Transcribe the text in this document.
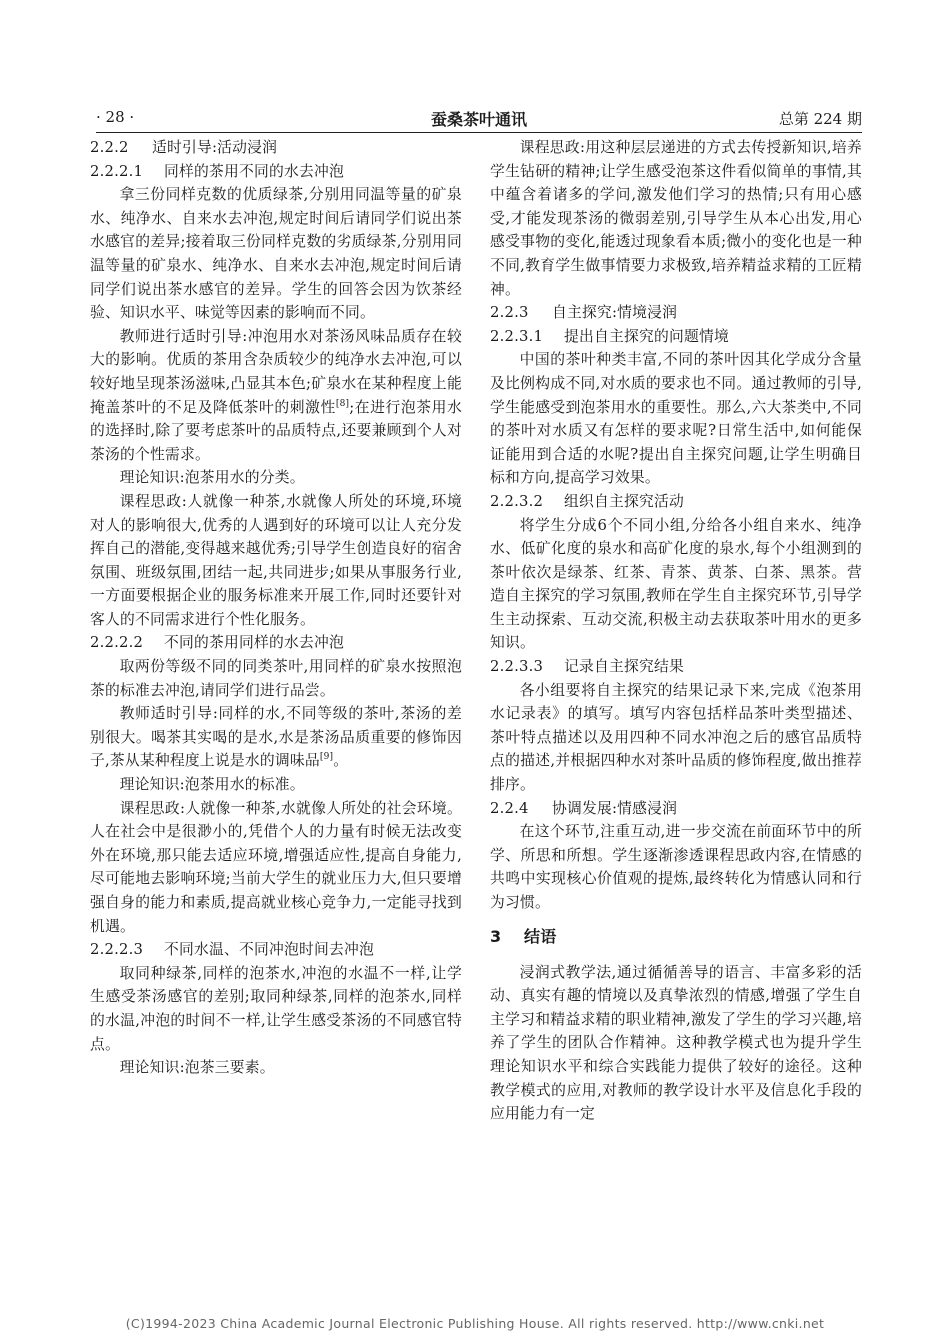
· 28 ·	蚕桑茶叶通讯	总第 224 期
2.2.2 适时引导:活动浸润
2.2.2.1 同样的茶用不同的水去冲泡

拿三份同样克数的优质绿茶,分别用同温等量的矿泉水、纯净水、自来水去冲泡,规定时间后请同学们说出茶水感官的差异;接着取三份同样克数的劣质绿茶,分别用同温等量的矿泉水、纯净水、自来水去冲泡,规定时间后请同学们说出茶水感官的差异。学生的回答会因为饮茶经验、知识水平、味觉等因素的影响而不同。

教师进行适时引导:冲泡用水对茶汤风味品质存在较大的影响。优质的茶用含杂质较少的纯净水去冲泡,可以较好地呈现茶汤滋味,凸显其本色;矿泉水在某种程度上能掩盖茶叶的不足及降低茶叶的刺激性[8];在进行泡茶用水的选择时,除了要考虑茶叶的品质特点,还要兼顾到个人对茶汤的个性需求。

理论知识:泡茶用水的分类。

课程思政:人就像一种茶,水就像人所处的环境,环境对人的影响很大,优秀的人遇到好的环境可以让人充分发挥自己的潜能,变得越来越优秀;引导学生创造良好的宿舍氛围、班级氛围,团结一起,共同进步;如果从事服务行业,一方面要根据企业的服务标准来开展工作,同时还要针对客人的不同需求进行个性化服务。

2.2.2.2 不同的茶用同样的水去冲泡

取两份等级不同的同类茶叶,用同样的矿泉水按照泡茶的标准去冲泡,请同学们进行品尝。

教师适时引导:同样的水,不同等级的茶叶,茶汤的差别很大。喝茶其实喝的是水,水是茶汤品质重要的修饰因子,茶从某种程度上说是水的调味品[9]。

理论知识:泡茶用水的标准。

课程思政:人就像一种茶,水就像人所处的社会环境。人在社会中是很渺小的,凭借个人的力量有时候无法改变外在环境,那只能去适应环境,增强适应性,提高自身能力,尽可能地去影响环境;当前大学生的就业压力大,但只要增强自身的能力和素质,提高就业核心竞争力,一定能寻找到机遇。

2.2.2.3 不同水温、不同冲泡时间去冲泡

取同种绿茶,同样的泡茶水,冲泡的水温不一样,让学生感受茶汤感官的差别;取同种绿茶,同样的泡茶水,同样的水温,冲泡的时间不一样,让学生感受茶汤的不同感官特点。

理论知识:泡茶三要素。

课程思政:用这种层层递进的方式去传授新知识,培养学生钻研的精神;让学生感受泡茶这件看似简单的事情,其中蕴含着诸多的学问,激发他们学习的热情;只有用心感受,才能发现茶汤的微弱差别,引导学生从本心出发,用心感受事物的变化,能透过现象看本质;微小的变化也是一种不同,教育学生做事情要力求极致,培养精益求精的工匠精神。

2.2.3 自主探究:情境浸润
2.2.3.1 提出自主探究的问题情境

中国的茶叶种类丰富,不同的茶叶因其化学成分含量及比例构成不同,对水质的要求也不同。通过教师的引导,学生能感受到泡茶用水的重要性。那么,六大茶类中,不同的茶叶对水质又有怎样的要求呢?日常生活中,如何能保证能用到合适的水呢?提出自主探究问题,让学生明确目标和方向,提高学习效果。

2.2.3.2 组织自主探究活动

将学生分成6个不同小组,分给各小组自来水、纯净水、低矿化度的泉水和高矿化度的泉水,每个小组测到的茶叶依次是绿茶、红茶、青茶、黄茶、白茶、黑茶。营造自主探究的学习氛围,教师在学生自主探究环节,引导学生主动探索、互动交流,积极主动去获取茶叶用水的更多知识。

2.2.3.3 记录自主探究结果

各小组要将自主探究的结果记录下来,完成《泡茶用水记录表》的填写。填写内容包括样品茶叶类型描述、茶叶特点描述以及用四种不同水冲泡之后的感官品质特点的描述,并根据四种水对茶叶品质的修饰程度,做出推荐排序。

2.2.4 协调发展:情感浸润

在这个环节,注重互动,进一步交流在前面环节中的所学、所思和所想。学生逐渐渗透课程思政内容,在情感的共鸣中实现核心价值观的提炼,最终转化为情感认同和行为习惯。

3 结语

浸润式教学法,通过循循善导的语言、丰富多彩的活动、真实有趣的情境以及真挚浓烈的情感,增强了学生自主学习和精益求精的职业精神,激发了学生的学习兴趣,培养了学生的团队合作精神。这种教学模式也为提升学生理论知识水平和综合实践能力提供了较好的途径。这种教学模式的应用,对教师的教学设计水平及信息化手段的应用能力有一定

(C)1994-2023 China Academic Journal Electronic Publishing House. All rights reserved. http://www.cnki.net
